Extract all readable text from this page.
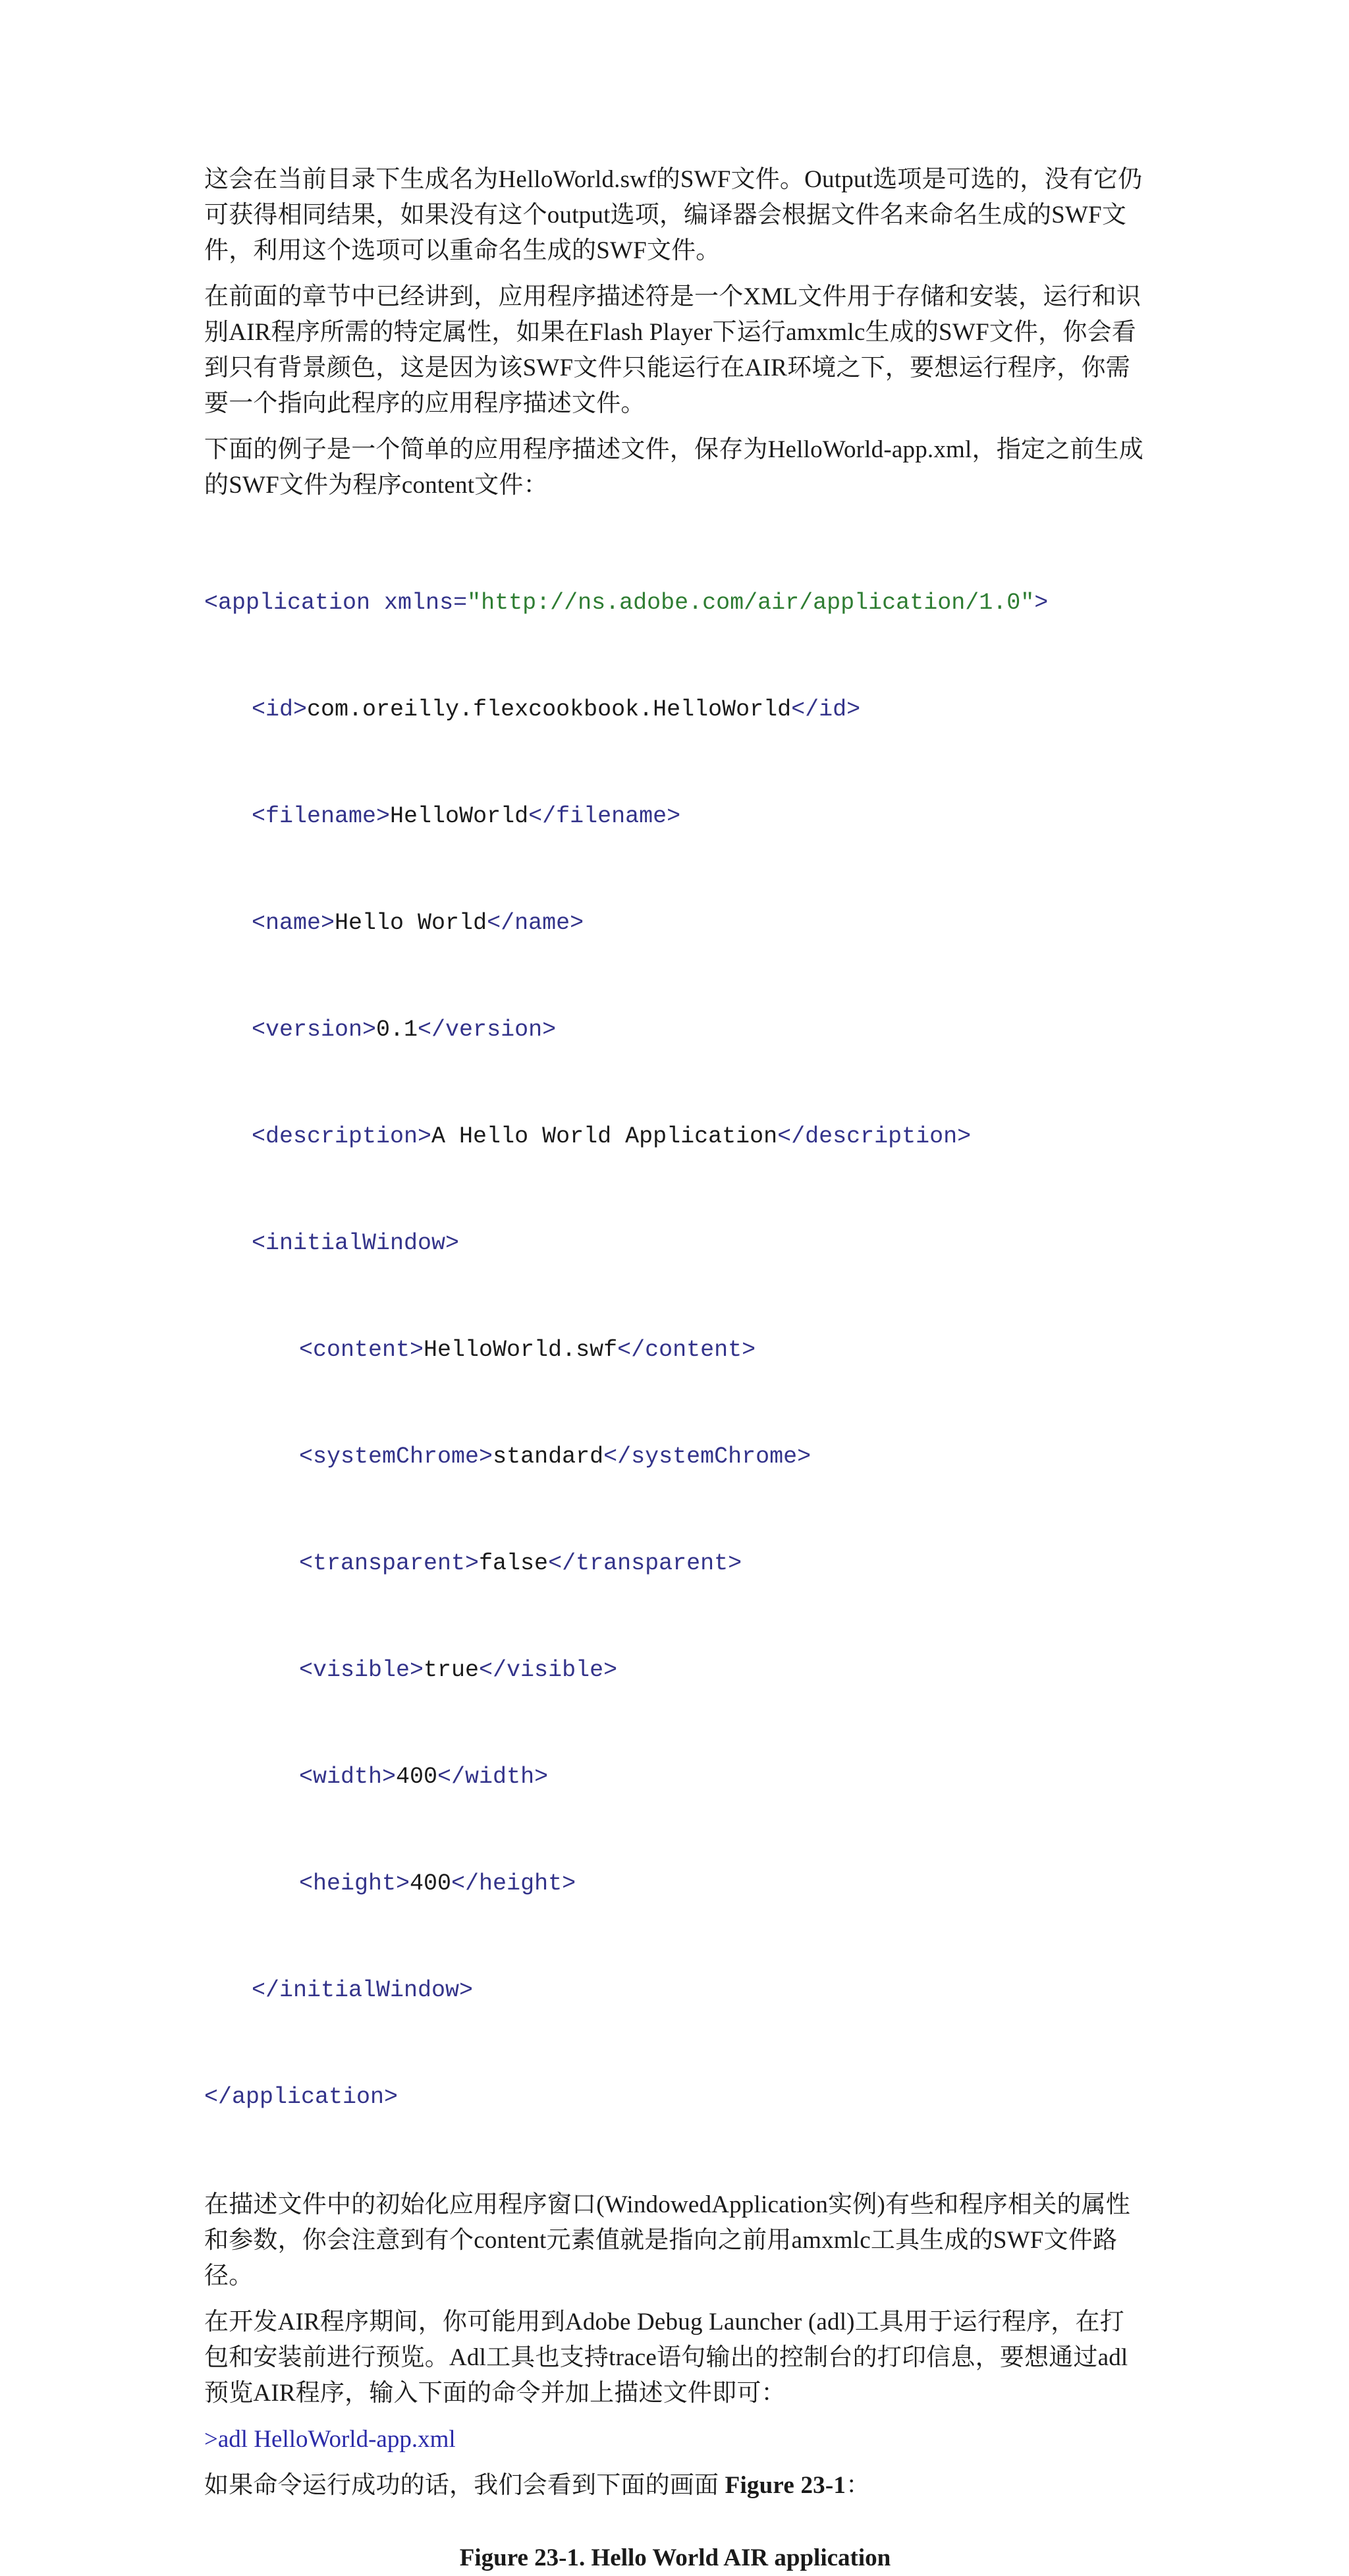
这会在当前目录下生成名为HelloWorld.swf的SWF文件。Output选项是可选的，没有它仍可获得相同结果，如果没有这个output选项，编译器会根据文件名来命名生成的SWF文件，利用这个选项可以重命名生成的SWF文件。

在前面的章节中已经讲到，应用程序描述符是一个XML文件用于存储和安装，运行和识别AIR程序所需的特定属性，如果在Flash Player下运行amxmlc生成的SWF文件，你会看到只有背景颜色，这是因为该SWF文件只能运行在AIR环境之下，要想运行程序，你需要一个指向此程序的应用程序描述文件。

下面的例子是一个简单的应用程序描述文件，保存为HelloWorld-app.xml，指定之前生成的SWF文件为程序content文件：

<application xmlns="http://ns.adobe.com/air/application/1.0">

<id>com.oreilly.flexcookbook.HelloWorld</id>

<filename>HelloWorld</filename>

<name>Hello World</name>

<version>0.1</version>

<description>A Hello World Application</description>

<initialWindow>

<content>HelloWorld.swf</content>

<systemChrome>standard</systemChrome>

<transparent>false</transparent>

<visible>true</visible>

<width>400</width>

<height>400</height>

</initialWindow>

</application>

在描述文件中的初始化应用程序窗口(WindowedApplication实例)有些和程序相关的属性和参数，你会注意到有个content元素值就是指向之前用amxmlc工具生成的SWF文件路径。

在开发AIR程序期间，你可能用到Adobe Debug Launcher (adl)工具用于运行程序，在打包和安装前进行预览。Adl工具也支持trace语句输出的控制台的打印信息，要想通过adl预览AIR程序，输入下面的命令并加上描述文件即可：

>adl HelloWorld-app.xml

如果命令运行成功的话，我们会看到下面的画面 Figure 23-1：

Figure 23-1. Hello World AIR application
